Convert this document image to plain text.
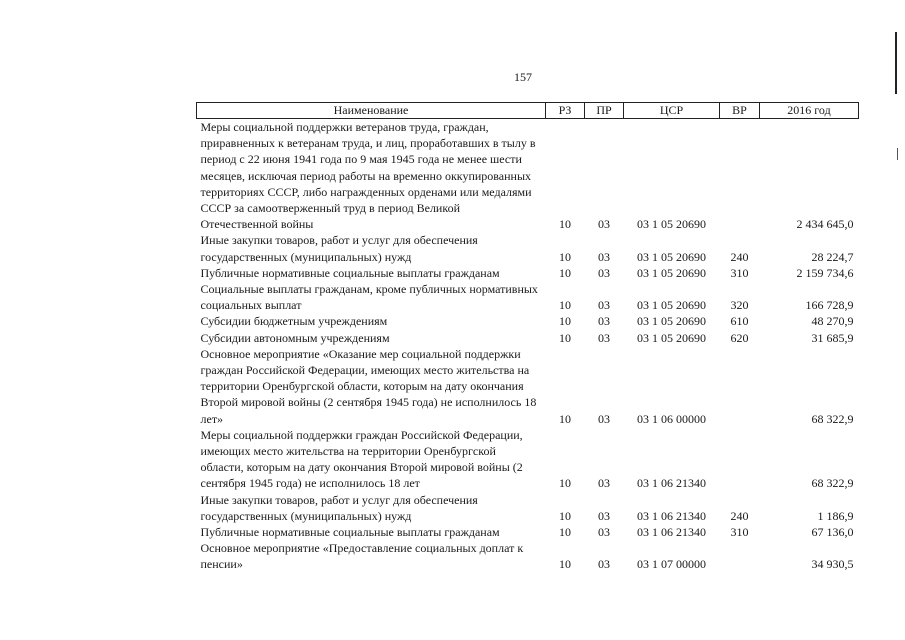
157
Наименование	РЗ	ПР	ЦСР	ВР	2016 год
Меры социальной поддержки ветеранов труда, граждан, приравненных к ветеранам труда, и лиц, проработавших в тылу в период с 22 июня 1941 года по 9 мая 1945 года не менее шести месяцев, исключая период работы на временно оккупированных территориях СССР, либо награжденных орденами или медалями СССР за самоотверженный труд в период Великой Отечественной войны	10	03	03 1 05 20690		2 434 645,0
Иные закупки товаров, работ и услуг для обеспечения государственных (муниципальных) нужд	10	03	03 1 05 20690	240	28 224,7
Публичные нормативные социальные выплаты гражданам	10	03	03 1 05 20690	310	2 159 734,6
Социальные выплаты гражданам, кроме публичных нормативных социальных выплат	10	03	03 1 05 20690	320	166 728,9
Субсидии бюджетным учреждениям	10	03	03 1 05 20690	610	48 270,9
Субсидии автономным учреждениям	10	03	03 1 05 20690	620	31 685,9
Основное мероприятие «Оказание мер социальной поддержки граждан Российской Федерации, имеющих место жительства на территории Оренбургской области, которым на дату окончания Второй мировой войны (2 сентября 1945 года) не исполнилось 18 лет»	10	03	03 1 06 00000		68 322,9
Меры социальной поддержки граждан Российской Федерации, имеющих место жительства на территории Оренбургской области, которым на дату окончания Второй мировой войны (2 сентября 1945 года) не исполнилось 18 лет	10	03	03 1 06 21340		68 322,9
Иные закупки товаров, работ и услуг для обеспечения государственных (муниципальных) нужд	10	03	03 1 06 21340	240	1 186,9
Публичные нормативные социальные выплаты гражданам	10	03	03 1 06 21340	310	67 136,0
Основное мероприятие «Предоставление социальных доплат к пенсии»	10	03	03 1 07 00000		34 930,5
